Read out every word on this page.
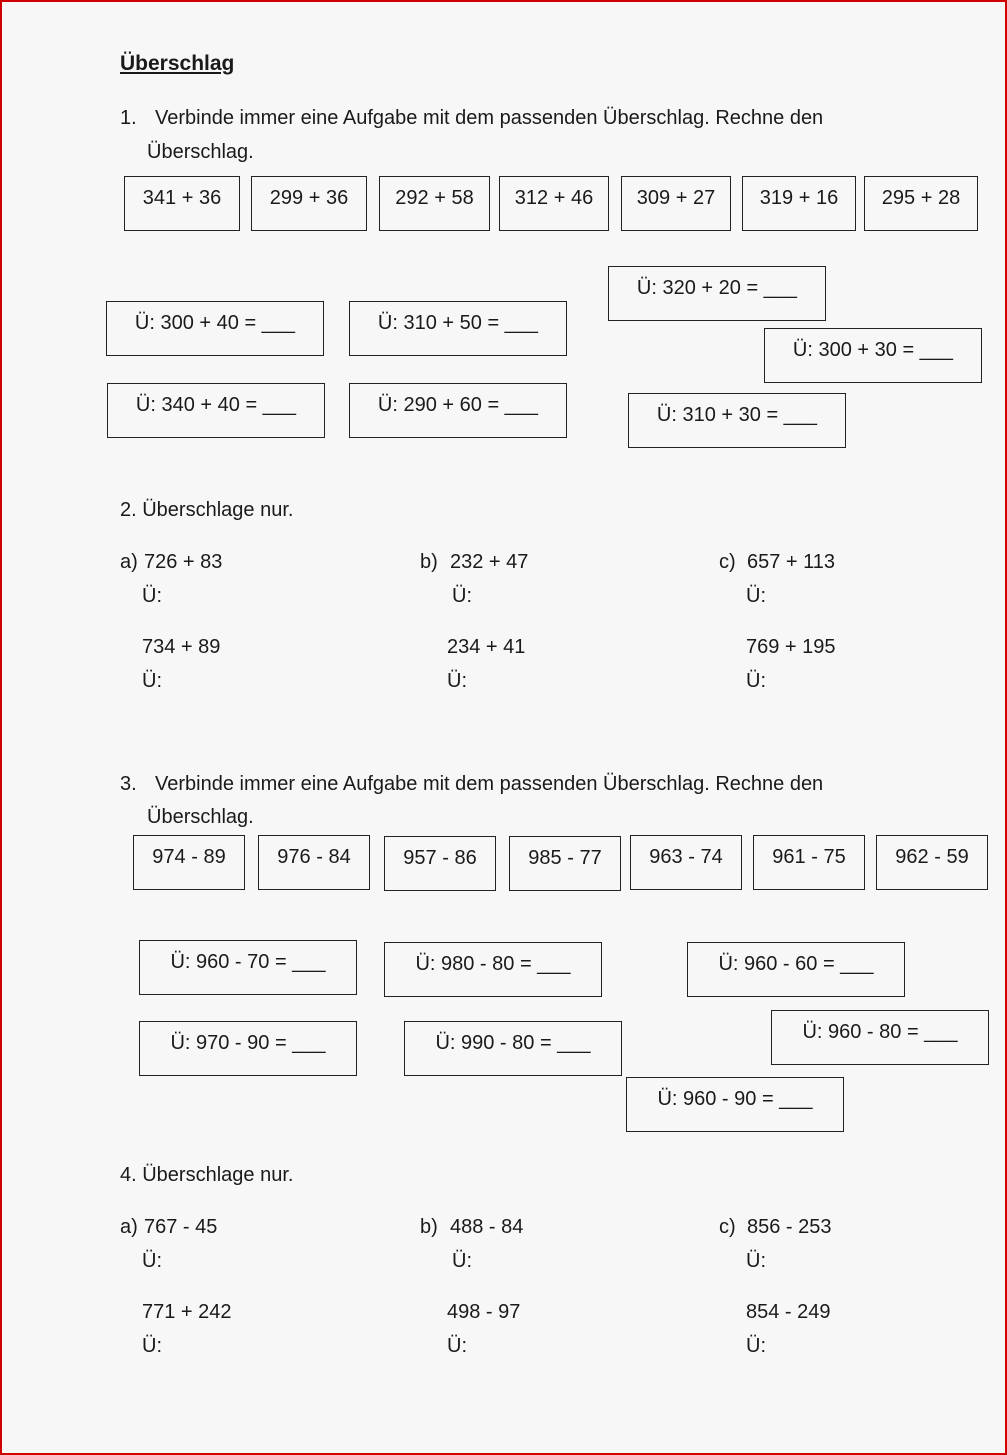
Überschlag
1. Verbinde immer eine Aufgabe mit dem passenden Überschlag. Rechne den
Überschlag.
341 + 36	299 + 36	292 + 58	312 + 46	309 + 27	319 + 16	295 + 28
Ü: 320 + 20 = ___
Ü: 300 + 40 = ___	Ü: 310 + 50 = ___
Ü: 300 + 30 = ___
Ü: 340 + 40 = ___	Ü: 290 + 60 = ___	Ü: 310 + 30 = ___
2. Überschlage nur.
a) 726 + 83	b) 232 + 47	c) 657 + 113
Ü:	Ü:	Ü:
734 + 89	234 + 41	769 + 195
Ü:	Ü:	Ü:
3. Verbinde immer eine Aufgabe mit dem passenden Überschlag. Rechne den
Überschlag.
974 - 89	976 - 84	957 - 86	985 - 77	963 - 74	961 - 75	962 - 59
Ü: 960 - 70 = ___	Ü: 980 - 80 = ___	Ü: 960 - 60 = ___
Ü: 970 - 90 = ___	Ü: 990 - 80 = ___	Ü: 960 - 80 = ___
Ü: 960 - 90 = ___
4. Überschlage nur.
a) 767 - 45	b) 488 - 84	c) 856 - 253
Ü:	Ü:	Ü:
771 + 242	498 - 97	854 - 249
Ü:	Ü:	Ü:
